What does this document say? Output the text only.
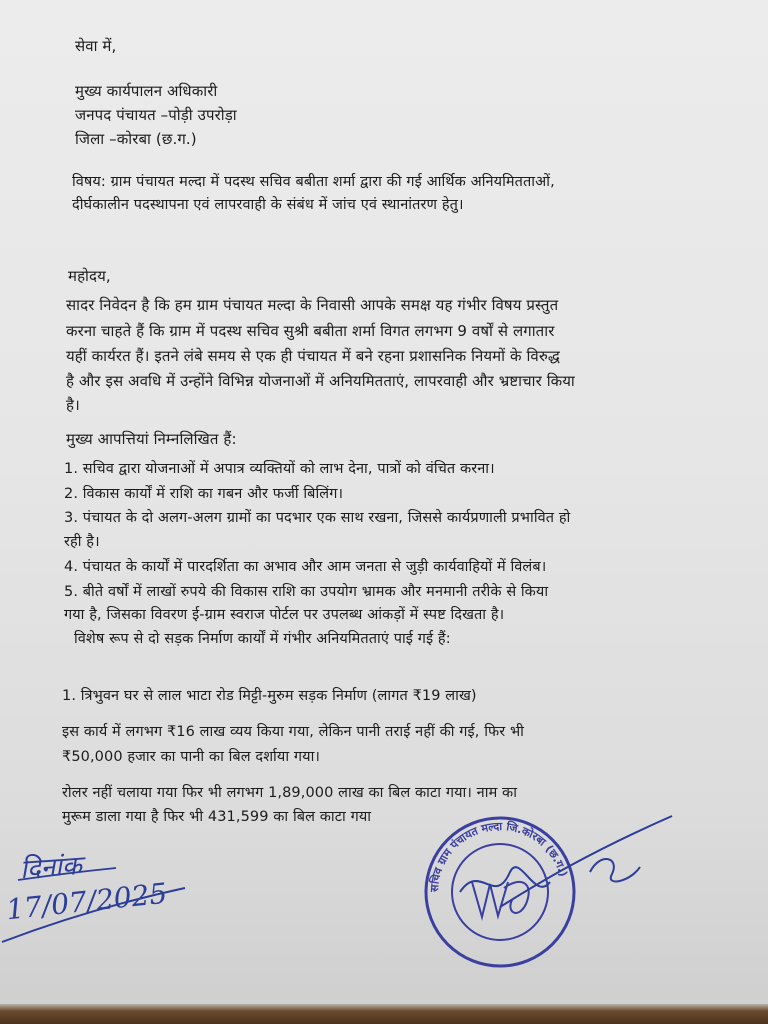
सेवा में,
मुख्य कार्यपालन अधिकारी
जनपद पंचायत –पोड़ी उपरोड़ा
जिला –कोरबा (छ.ग.)
विषय: ग्राम पंचायत मल्दा में पदस्थ सचिव बबीता शर्मा द्वारा की गई आर्थिक अनियमितताओं,
दीर्घकालीन पदस्थापना एवं लापरवाही के संबंध में जांच एवं स्थानांतरण हेतु।
महोदय,
सादर निवेदन है कि हम ग्राम पंचायत मल्दा के निवासी आपके समक्ष यह गंभीर विषय प्रस्तुत
करना चाहते हैं कि ग्राम में पदस्थ सचिव सुश्री बबीता शर्मा विगत लगभग 9 वर्षों से लगातार
यहीं कार्यरत हैं। इतने लंबे समय से एक ही पंचायत में बने रहना प्रशासनिक नियमों के विरुद्ध
है और इस अवधि में उन्होंने विभिन्न योजनाओं में अनियमितताएं, लापरवाही और भ्रष्टाचार किया
है।
मुख्य आपत्तियां निम्नलिखित हैं:
1. सचिव द्वारा योजनाओं में अपात्र व्यक्तियों को लाभ देना, पात्रों को वंचित करना।
2. विकास कार्यों में राशि का गबन और फर्जी बिलिंग।
3. पंचायत के दो अलग-अलग ग्रामों का पदभार एक साथ रखना, जिससे कार्यप्रणाली प्रभावित हो
रही है।
4. पंचायत के कार्यों में पारदर्शिता का अभाव और आम जनता से जुड़ी कार्यवाहियों में विलंब।
5. बीते वर्षों में लाखों रुपये की विकास राशि का उपयोग भ्रामक और मनमानी तरीके से किया
गया है, जिसका विवरण ई-ग्राम स्वराज पोर्टल पर उपलब्ध आंकड़ों में स्पष्ट दिखता है।
विशेष रूप से दो सड़क निर्माण कार्यों में गंभीर अनियमितताएं पाई गई हैं:
1. त्रिभुवन घर से लाल भाटा रोड मिट्टी-मुरुम सड़क निर्माण (लागत ₹19 लाख)
इस कार्य में लगभग ₹16 लाख व्यय किया गया, लेकिन पानी तराई नहीं की गई, फिर भी
₹50,000 हजार का पानी का बिल दर्शाया गया।
रोलर नहीं चलाया गया फिर भी लगभग 1,89,000 लाख का बिल काटा गया। नाम का
मुरूम डाला गया है फिर भी 431,599 का बिल काटा गया
दिनांक
17/07/2025	सचिव ग्राम पंचायत मल्दा जि.कोरबा (छ.ग.)
